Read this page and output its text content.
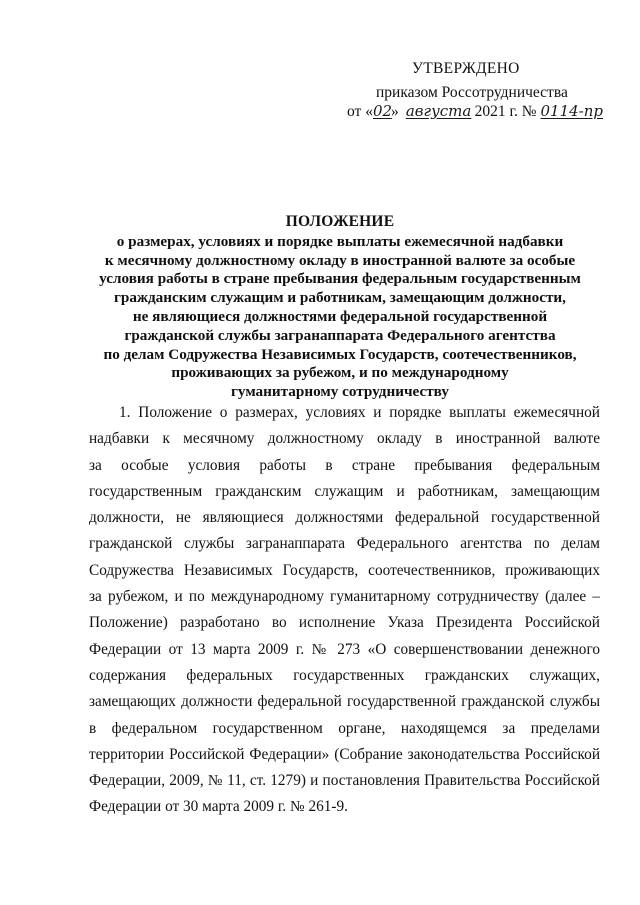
УТВЕРЖДЕНО
приказом Россотрудничества
от «02» августа 2021 г. № 0114-пр
ПОЛОЖЕНИЕ
о размерах, условиях и порядке выплаты ежемесячной надбавки
к месячному должностному окладу в иностранной валюте за особые
условия работы в стране пребывания федеральным государственным
гражданским служащим и работникам, замещающим должности,
не являющиеся должностями федеральной государственной
гражданской службы загранаппарата Федерального агентства
по делам Содружества Независимых Государств, соотечественников,
проживающих за рубежом, и по международному
гуманитарному сотрудничеству
1. Положение о размерах, условиях и порядке выплаты ежемесячной
надбавки к месячному должностному окладу в иностранной валюте
за особые условия работы в стране пребывания федеральным
государственным гражданским служащим и работникам, замещающим
должности, не являющиеся должностями федеральной государственной
гражданской службы загранаппарата Федерального агентства по делам
Содружества Независимых Государств, соотечественников, проживающих
за рубежом, и по международному гуманитарному сотрудничеству (далее –
Положение) разработано во исполнение Указа Президента Российской
Федерации от 13 марта 2009 г. № 273 «О совершенствовании денежного
содержания федеральных государственных гражданских служащих,
замещающих должности федеральной государственной гражданской службы
в федеральном государственном органе, находящемся за пределами
территории Российской Федерации» (Собрание законодательства Российской
Федерации, 2009, № 11, ст. 1279) и постановления Правительства Российской
Федерации от 30 марта 2009 г. № 261-9.
